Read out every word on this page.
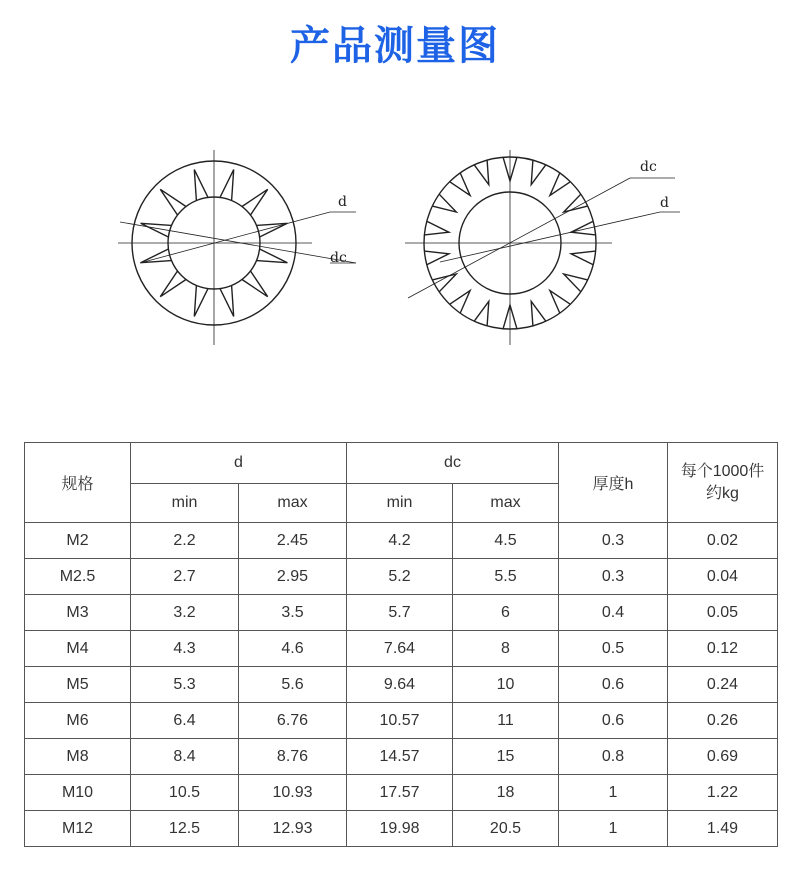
产品测量图
d
dc
dc
d
规格	d		dc		厚度h	每个1000件
约kg
	min	max	min	max		
M2	2.2	2.45	4.2	4.5	0.3	0.02
M2.5	2.7	2.95	5.2	5.5	0.3	0.04
M3	3.2	3.5	5.7	6	0.4	0.05
M4	4.3	4.6	7.64	8	0.5	0.12
M5	5.3	5.6	9.64	10	0.6	0.24
M6	6.4	6.76	10.57	11	0.6	0.26
M8	8.4	8.76	14.57	15	0.8	0.69
M10	10.5	10.93	17.57	18	1	1.22
M12	12.5	12.93	19.98	20.5	1	1.49
